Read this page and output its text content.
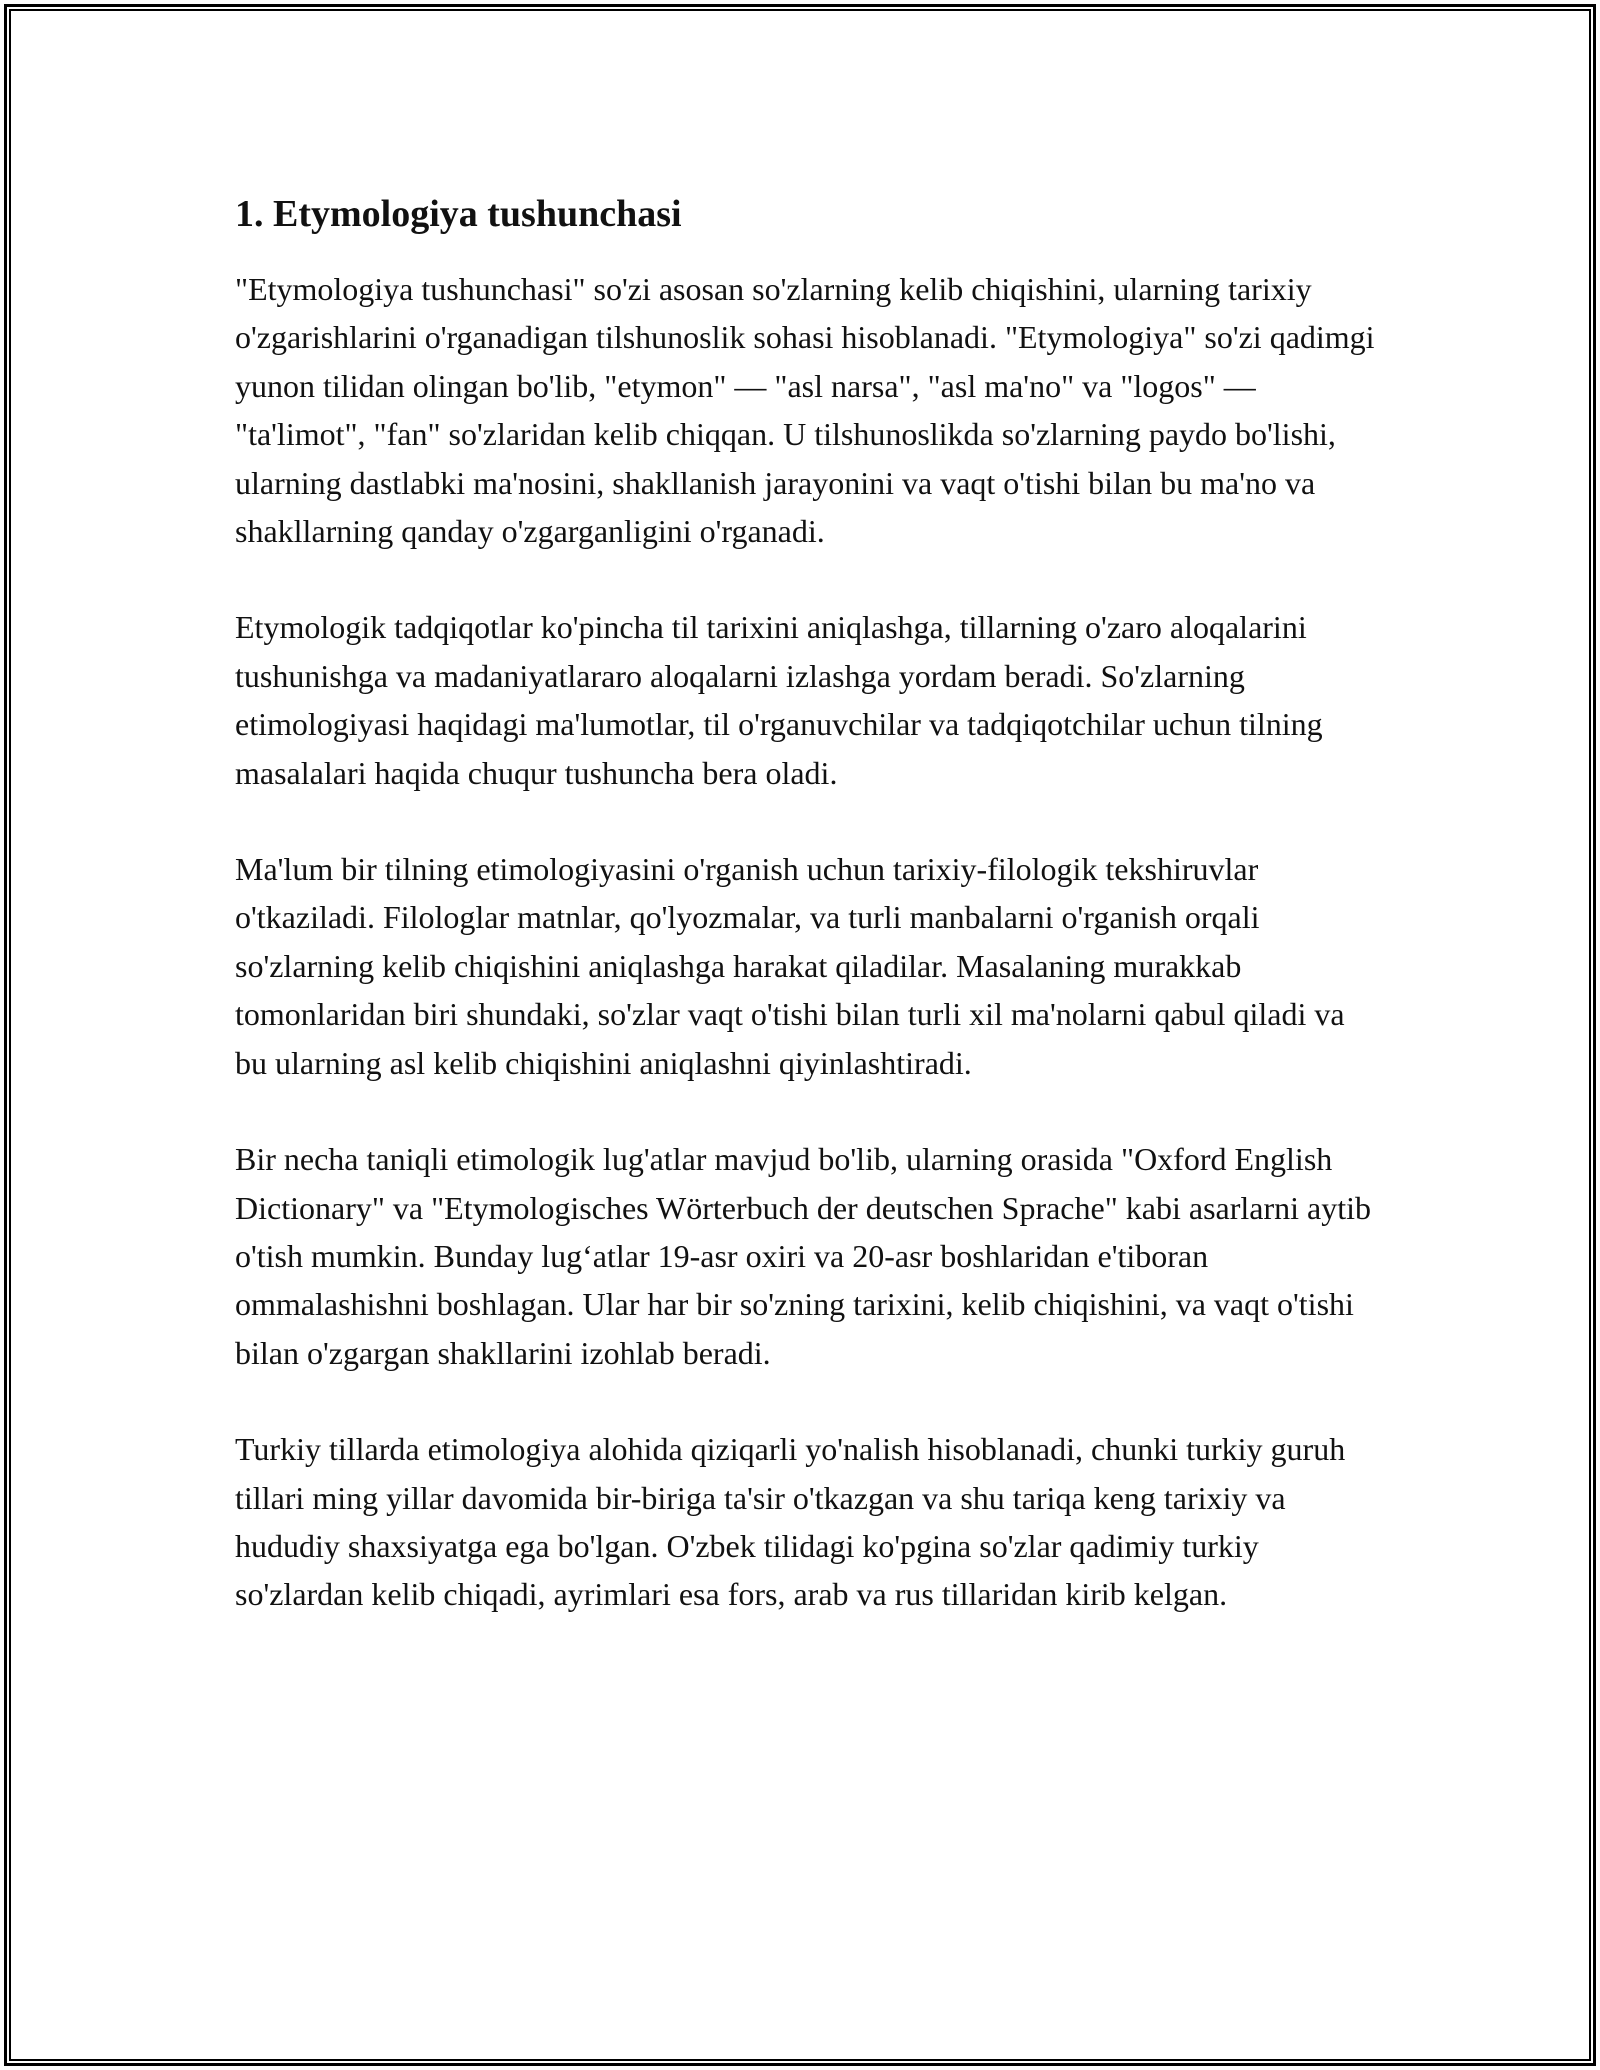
1. Etymologiya tushunchasi

"Etymologiya tushunchasi" so'zi asosan so'zlarning kelib chiqishini, ularning tarixiy o'zgarishlarini o'rganadigan tilshunoslik sohasi hisoblanadi. "Etymologiya" so'zi qadimgi yunon tilidan olingan bo'lib, "etymon" — "asl narsa", "asl ma'no" va "logos" — "ta'limot", "fan" so'zlaridan kelib chiqqan. U tilshunoslikda so'zlarning paydo bo'lishi, ularning dastlabki ma'nosini, shakllanish jarayonini va vaqt o'tishi bilan bu ma'no va shakllarning qanday o'zgarganligini o'rganadi.

Etymologik tadqiqotlar ko'pincha til tarixini aniqlashga, tillarning o'zaro aloqalarini tushunishga va madaniyatlararo aloqalarni izlashga yordam beradi. So'zlarning etimologiyasi haqidagi ma'lumotlar, til o'rganuvchilar va tadqiqotchilar uchun tilning masalalari haqida chuqur tushuncha bera oladi.

Ma'lum bir tilning etimologiyasini o'rganish uchun tarixiy-filologik tekshiruvlar o'tkaziladi. Filologlar matnlar, qo'lyozmalar, va turli manbalarni o'rganish orqali so'zlarning kelib chiqishini aniqlashga harakat qiladilar. Masalaning murakkab tomonlaridan biri shundaki, so'zlar vaqt o'tishi bilan turli xil ma'nolarni qabul qiladi va bu ularning asl kelib chiqishini aniqlashni qiyinlashtiradi.

Bir necha taniqli etimologik lug'atlar mavjud bo'lib, ularning orasida "Oxford English Dictionary" va "Etymologisches Wörterbuch der deutschen Sprache" kabi asarlarni aytib o'tish mumkin. Bunday lug‘atlar 19-asr oxiri va 20-asr boshlaridan e'tiboran ommalashishni boshlagan. Ular har bir so'zning tarixini, kelib chiqishini, va vaqt o'tishi bilan o'zgargan shakllarini izohlab beradi.

Turkiy tillarda etimologiya alohida qiziqarli yo'nalish hisoblanadi, chunki turkiy guruh tillari ming yillar davomida bir-biriga ta'sir o'tkazgan va shu tariqa keng tarixiy va hududiy shaxsiyatga ega bo'lgan. O'zbek tilidagi ko'pgina so'zlar qadimiy turkiy so'zlardan kelib chiqadi, ayrimlari esa fors, arab va rus tillaridan kirib kelgan.
